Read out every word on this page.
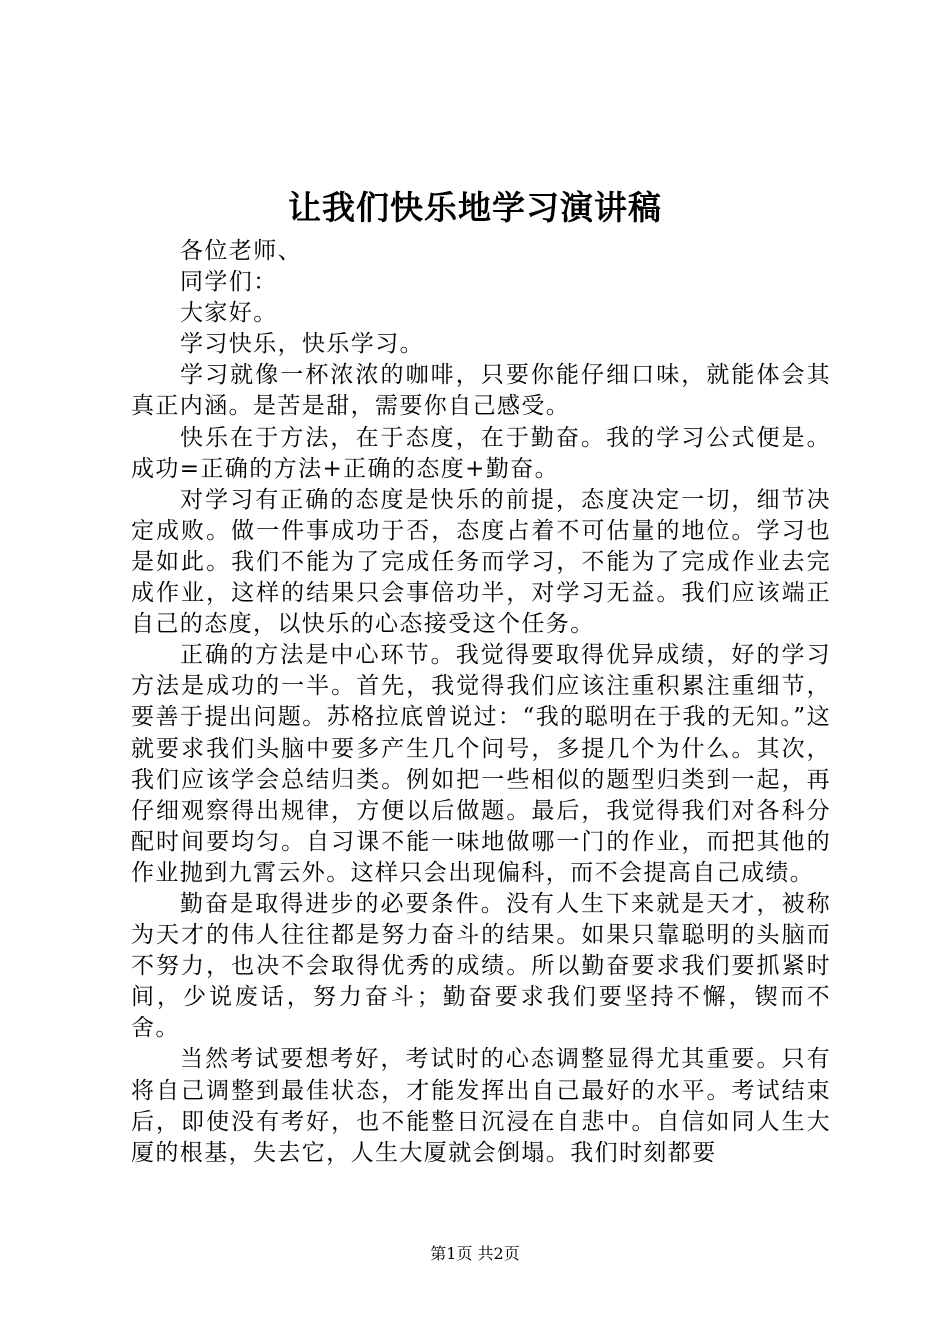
让我们快乐地学习演讲稿

各位老师、

同学们：

大家好。

学习快乐，快乐学习。

学习就像一杯浓浓的咖啡，只要你能仔细口味，就能体会其真正内涵。是苦是甜，需要你自己感受。

快乐在于方法，在于态度，在于勤奋。我的学习公式便是。成功=正确的方法+正确的态度+勤奋。

对学习有正确的态度是快乐的前提，态度决定一切，细节决定成败。做一件事成功于否，态度占着不可估量的地位。学习也是如此。我们不能为了完成任务而学习，不能为了完成作业去完成作业，这样的结果只会事倍功半，对学习无益。我们应该端正自己的态度，以快乐的心态接受这个任务。

正确的方法是中心环节。我觉得要取得优异成绩，好的学习方法是成功的一半。首先，我觉得我们应该注重积累注重细节，要善于提出问题。苏格拉底曾说过：“我的聪明在于我的无知。”这就要求我们头脑中要多产生几个问号，多提几个为什么。其次，我们应该学会总结归类。例如把一些相似的题型归类到一起，再仔细观察得出规律，方便以后做题。最后，我觉得我们对各科分配时间要均匀。自习课不能一味地做哪一门的作业，而把其他的作业抛到九霄云外。这样只会出现偏科，而不会提高自己成绩。

勤奋是取得进步的必要条件。没有人生下来就是天才，被称为天才的伟人往往都是努力奋斗的结果。如果只靠聪明的头脑而不努力，也决不会取得优秀的成绩。所以勤奋要求我们要抓紧时间，少说废话，努力奋斗；勤奋要求我们要坚持不懈，锲而不舍。

当然考试要想考好，考试时的心态调整显得尤其重要。只有将自己调整到最佳状态，才能发挥出自己最好的水平。考试结束后，即使没有考好，也不能整日沉浸在自悲中。自信如同人生大厦的根基，失去它，人生大厦就会倒塌。我们时刻都要

第1页 共2页
